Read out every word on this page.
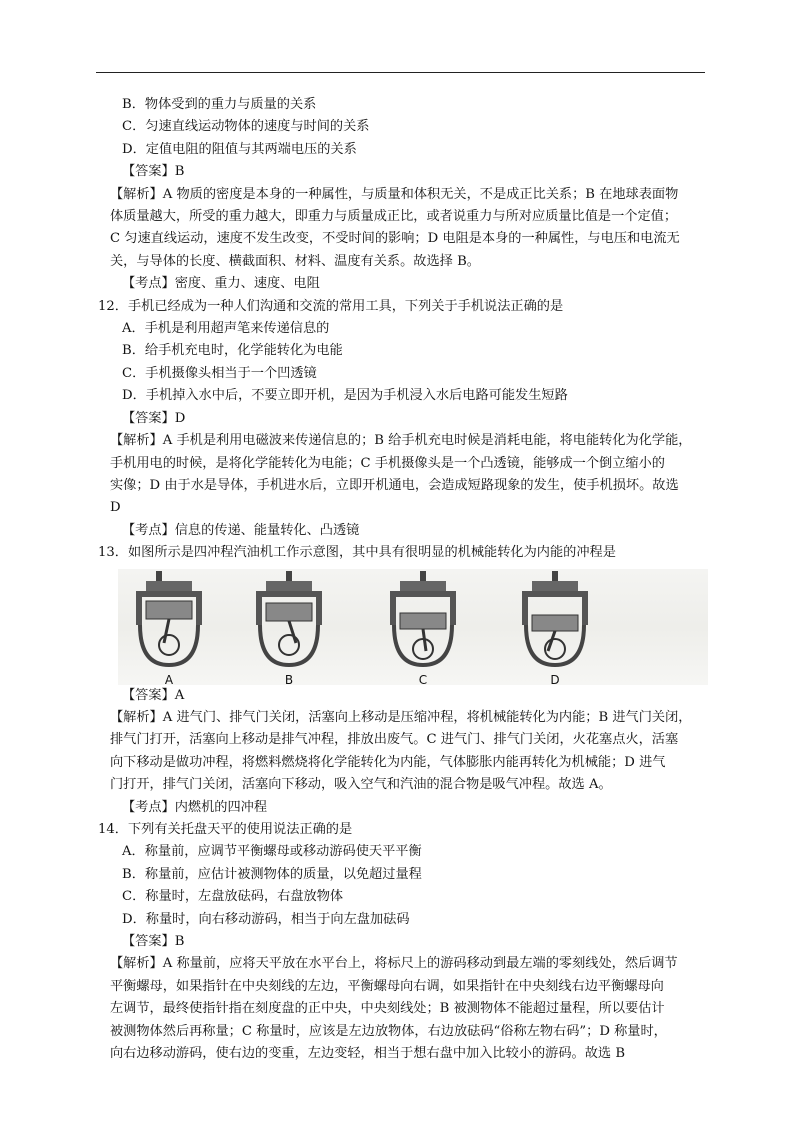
B．物体受到的重力与质量的关系
C．匀速直线运动物体的速度与时间的关系
D．定值电阻的阻值与其两端电压的关系
【答案】B
【解析】A 物质的密度是本身的一种属性，与质量和体积无关，不是成正比关系；B 在地球表面物
体质量越大，所受的重力越大，即重力与质量成正比，或者说重力与所对应质量比值是一个定值；
C 匀速直线运动，速度不发生改变，不受时间的影响；D 电阻是本身的一种属性，与电压和电流无
关，与导体的长度、横截面积、材料、温度有关系。故选择 B。
【考点】密度、重力、速度、电阻
12．手机已经成为一种人们沟通和交流的常用工具，下列关于手机说法正确的是
A．手机是利用超声笔来传递信息的
B．给手机充电时，化学能转化为电能
C．手机摄像头相当于一个凹透镜
D．手机掉入水中后，不要立即开机，是因为手机浸入水后电路可能发生短路
【答案】D
【解析】A 手机是利用电磁波来传递信息的；B 给手机充电时候是消耗电能，将电能转化为化学能，
手机用电的时候，是将化学能转化为电能；C 手机摄像头是一个凸透镜，能够成一个倒立缩小的
实像；D 由于水是导体，手机进水后，立即开机通电，会造成短路现象的发生，使手机损坏。故选
D
【考点】信息的传递、能量转化、凸透镜
13．如图所示是四冲程汽油机工作示意图，其中具有很明显的机械能转化为内能的冲程是
A	B	C	D
【答案】A
【解析】A 进气门、排气门关闭，活塞向上移动是压缩冲程，将机械能转化为内能；B 进气门关闭，
排气门打开，活塞向上移动是排气冲程，排放出废气。C 进气门、排气门关闭，火花塞点火，活塞
向下移动是做功冲程，将燃料燃烧将化学能转化为内能，气体膨胀内能再转化为机械能；D 进气
门打开，排气门关闭，活塞向下移动，吸入空气和汽油的混合物是吸气冲程。故选 A。
【考点】内燃机的四冲程
14．下列有关托盘天平的使用说法正确的是
A．称量前，应调节平衡螺母或移动游码使天平平衡
B．称量前，应估计被测物体的质量，以免超过量程
C．称量时，左盘放砝码，右盘放物体
D．称量时，向右移动游码，相当于向左盘加砝码
【答案】B
【解析】A 称量前，应将天平放在水平台上，将标尺上的游码移动到最左端的零刻线处，然后调节
平衡螺母，如果指针在中央刻线的左边，平衡螺母向右调，如果指针在中央刻线右边平衡螺母向
左调节，最终使指针指在刻度盘的正中央，中央刻线处；B 被测物体不能超过量程，所以要估计
被测物体然后再称量；C 称量时，应该是左边放物体，右边放砝码“俗称左物右码”；D 称量时，
向右边移动游码，使右边的变重，左边变轻，相当于想右盘中加入比较小的游码。故选 B
